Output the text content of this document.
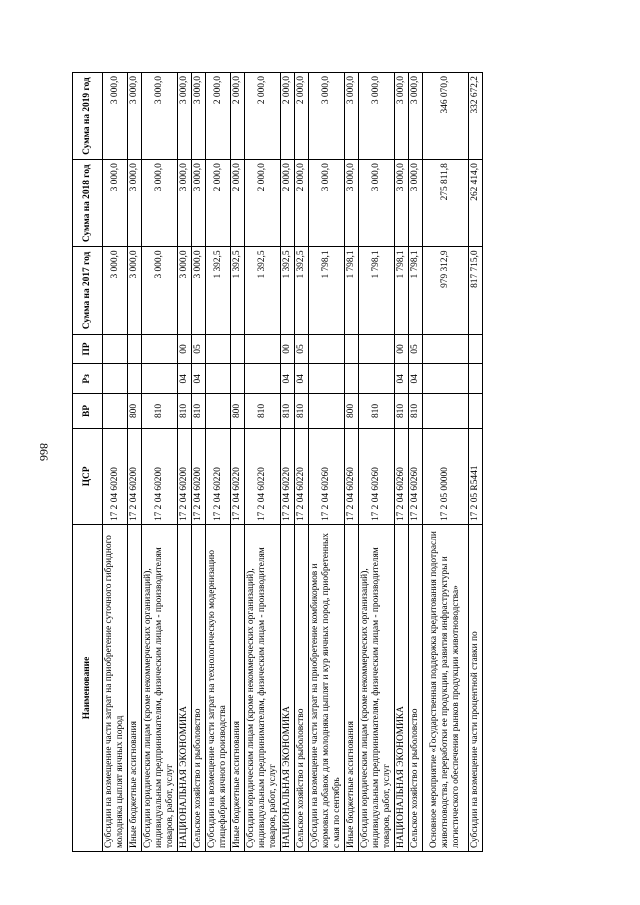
866
Наименование	ЦСР	ВР	Рз	ПР	Сумма на 2017 год	Сумма на 2018 год	Сумма на 2019 год
Субсидии на возмещение части затрат на приобретение суточного гибридного молодняка цыплят яичных пород	17 2 04 60200				3 000,0	3 000,0	3 000,0
Иные бюджетные ассигнования	17 2 04 60200	800			3 000,0	3 000,0	3 000,0
Субсидии юридическим лицам (кроме некоммерческих организаций), индивидуальным предпринимателям, физическим лицам - производителям товаров, работ, услуг	17 2 04 60200	810			3 000,0	3 000,0	3 000,0
НАЦИОНАЛЬНАЯ ЭКОНОМИКА	17 2 04 60200	810	04	00	3 000,0	3 000,0	3 000,0
Сельское хозяйство и рыболовство	17 2 04 60200	810	04	05	3 000,0	3 000,0	3 000,0
Субсидии на возмещение части затрат на технологическую модернизацию птицефабрик яичного производства	17 2 04 60220				1 392,5	2 000,0	2 000,0
Иные бюджетные ассигнования	17 2 04 60220	800			1 392,5	2 000,0	2 000,0
Субсидии юридическим лицам (кроме некоммерческих организаций), индивидуальным предпринимателям, физическим лицам - производителям товаров, работ, услуг	17 2 04 60220	810			1 392,5	2 000,0	2 000,0
НАЦИОНАЛЬНАЯ ЭКОНОМИКА	17 2 04 60220	810	04	00	1 392,5	2 000,0	2 000,0
Сельское хозяйство и рыболовство	17 2 04 60220	810	04	05	1 392,5	2 000,0	2 000,0
Субсидии на возмещение части затрат на приобретение комбикормов и кормовых добавок для молодняка цыплят и кур яичных пород, приобретенных с мая по сентябрь	17 2 04 60260				1 798,1	3 000,0	3 000,0
Иные бюджетные ассигнования	17 2 04 60260	800			1 798,1	3 000,0	3 000,0
Субсидии юридическим лицам (кроме некоммерческих организаций), индивидуальным предпринимателям, физическим лицам - производителям товаров, работ, услуг	17 2 04 60260	810			1 798,1	3 000,0	3 000,0
НАЦИОНАЛЬНАЯ ЭКОНОМИКА	17 2 04 60260	810	04	00	1 798,1	3 000,0	3 000,0
Сельское хозяйство и рыболовство	17 2 04 60260	810	04	05	1 798,1	3 000,0	3 000,0
Основное мероприятие «Государственная поддержка кредитования подотрасли животноводства, переработки ее продукции, развития инфраструктуры и логистического обеспечения рынков продукции животноводства»	17 2 05 00000				979 312,9	275 811,8	346 070,0
Субсидии на возмещение части процентной ставки по	17 2 05 R5441				817 715,0	262 414,0	332 672,2
